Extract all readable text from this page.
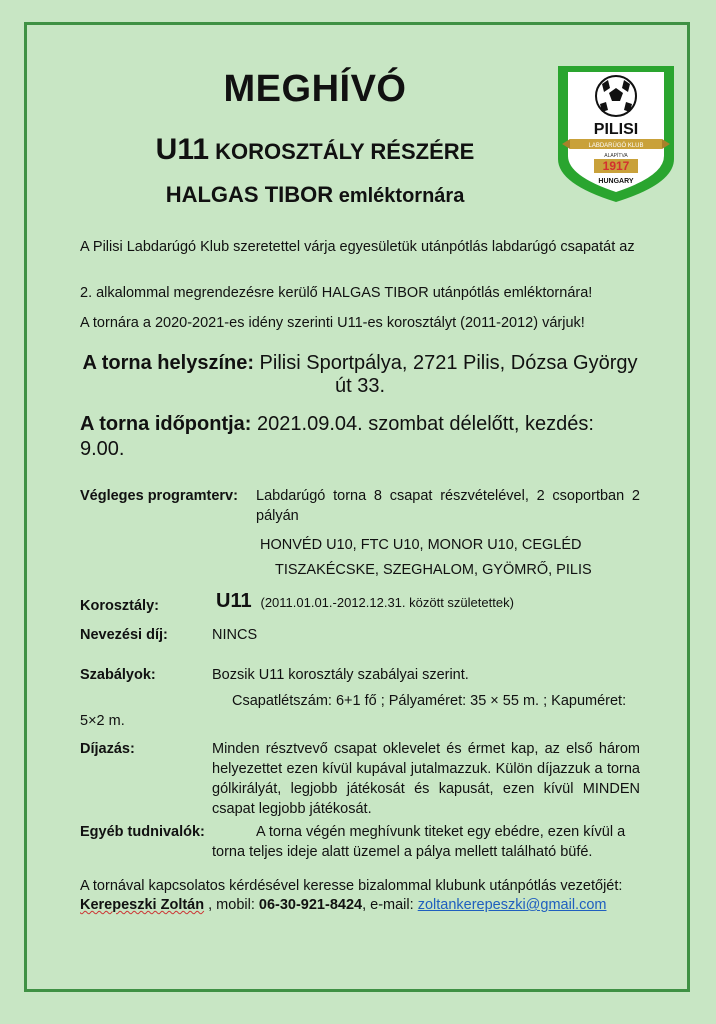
MEGHÍVÓ
U11 KOROSZTÁLY RÉSZÉRE
HALGAS TIBOR emléktornára
PILISI
LABDARÚGÓ KLUB
ALAPÍTVA
1917
HUNGARY
A Pilisi Labdarúgó Klub szeretettel várja egyesületük utánpótlás labdarúgó csapatát az
2. alkalommal megrendezésre kerülő HALGAS TIBOR utánpótlás emléktornára!
A tornára a 2020-2021-es idény szerinti U11-es korosztályt (2011-2012) várjuk!
A torna helyszíne: Pilisi Sportpálya, 2721 Pilis, Dózsa György út 33.
A torna időpontja: 2021.09.04. szombat délelőtt, kezdés: 9.00.
Végleges programterv: Labdarúgó torna 8 csapat részvételével, 2 csoportban 2 pályán
HONVÉD U10, FTC U10, MONOR U10, CEGLÉD
TISZAKÉCSKE, SZEGHALOM, GYÖMRŐ, PILIS
Korosztály:	U11 (2011.01.01.-2012.12.31. között születettek)
Nevezési díj:	NINCS
Szabályok:	Bozsik U11 korosztály szabályai szerint.
Csapatlétszám: 6+1 fő ; Pályaméret: 35 × 55 m. ; Kapuméret:
5×2 m.
Díjazás:	Minden résztvevő csapat oklevelet és érmet kap, az első három helyezettet ezen kívül kupával jutalmazzuk. Külön díjazzuk a torna gólkirályát, legjobb játékosát és kapusát, ezen kívül MINDEN csapat legjobb játékosát.
Egyéb tudnivalók:	A torna végén meghívunk titeket egy ebédre, ezen kívül a
torna teljes ideje alatt üzemel a pálya mellett található büfé.
A tornával kapcsolatos kérdésével keresse bizalommal klubunk utánpótlás vezetőjét:
Kerepeszki Zoltán , mobil: 06-30-921-8424, e-mail: zoltankerepeszki@gmail.com
